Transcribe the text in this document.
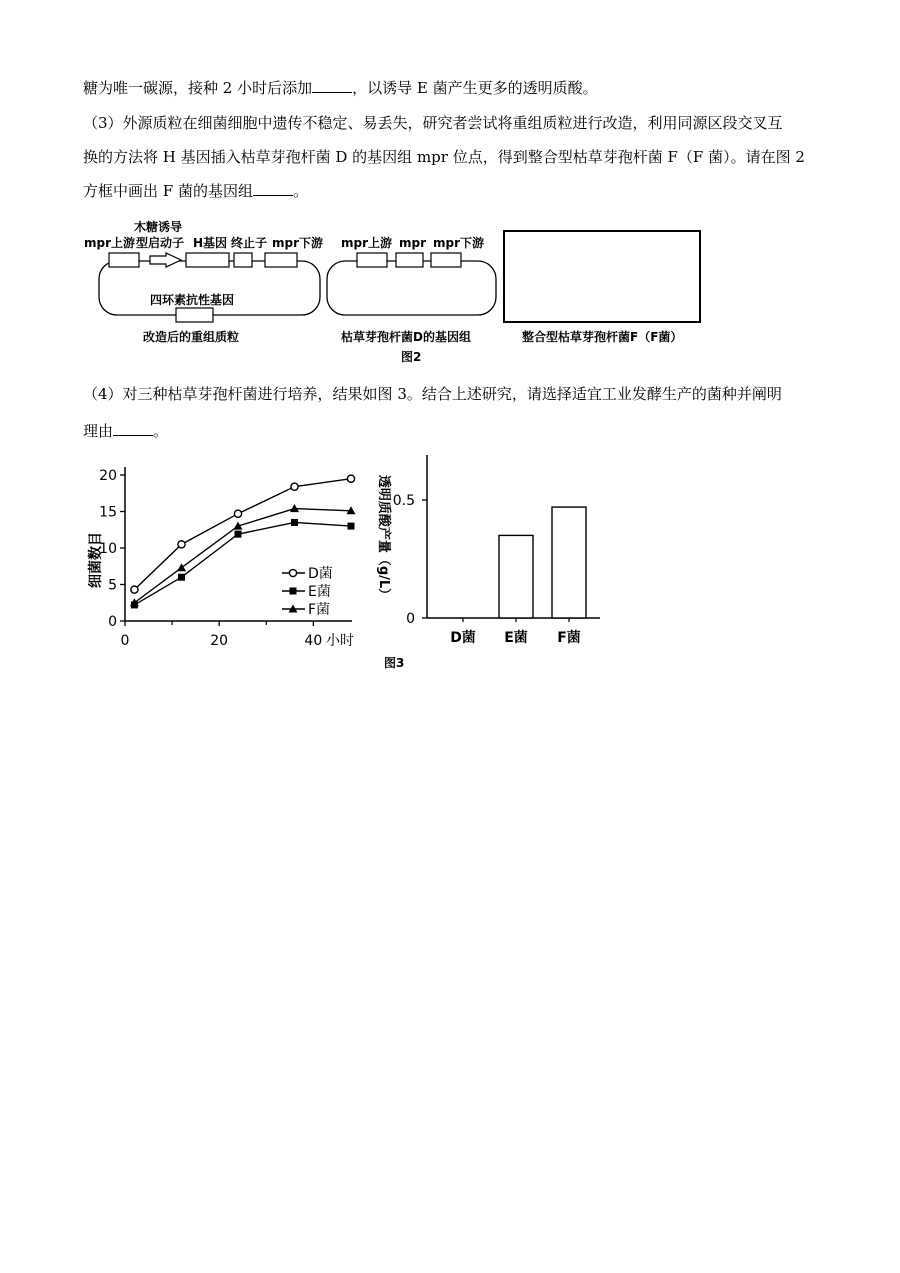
糖为唯一碳源，接种 2 小时后添加	，以诱导 E 菌产生更多的透明质酸。
（3）外源质粒在细菌细胞中遗传不稳定、易丢失，研究者尝试将重组质粒进行改造，利用同源区段交叉互
换的方法将 H 基因插入枯草芽孢杆菌 D 的基因组 mpr 位点，得到整合型枯草芽孢杆菌 F（F 菌）。请在图 2
方框中画出 F 菌的基因组	。
木糖诱导
mpr上游 型启动子 H基因 终止子 mpr下游
四环素抗性基因
改造后的重组质粒
mpr上游 mpr mpr下游
枯草芽孢杆菌D的基因组	整合型枯草芽孢杆菌F（F菌）
图2
（4）对三种枯草芽孢杆菌进行培养，结果如图 3。结合上述研究，请选择适宜工业发酵生产的菌种并阐明
理由	。
小时
细菌数目
0
5
10
15
20
0	20	40
D菌
E菌
F菌
透明质酸产量（g/L）
0
0.5
D菌 E菌 F菌
图3
